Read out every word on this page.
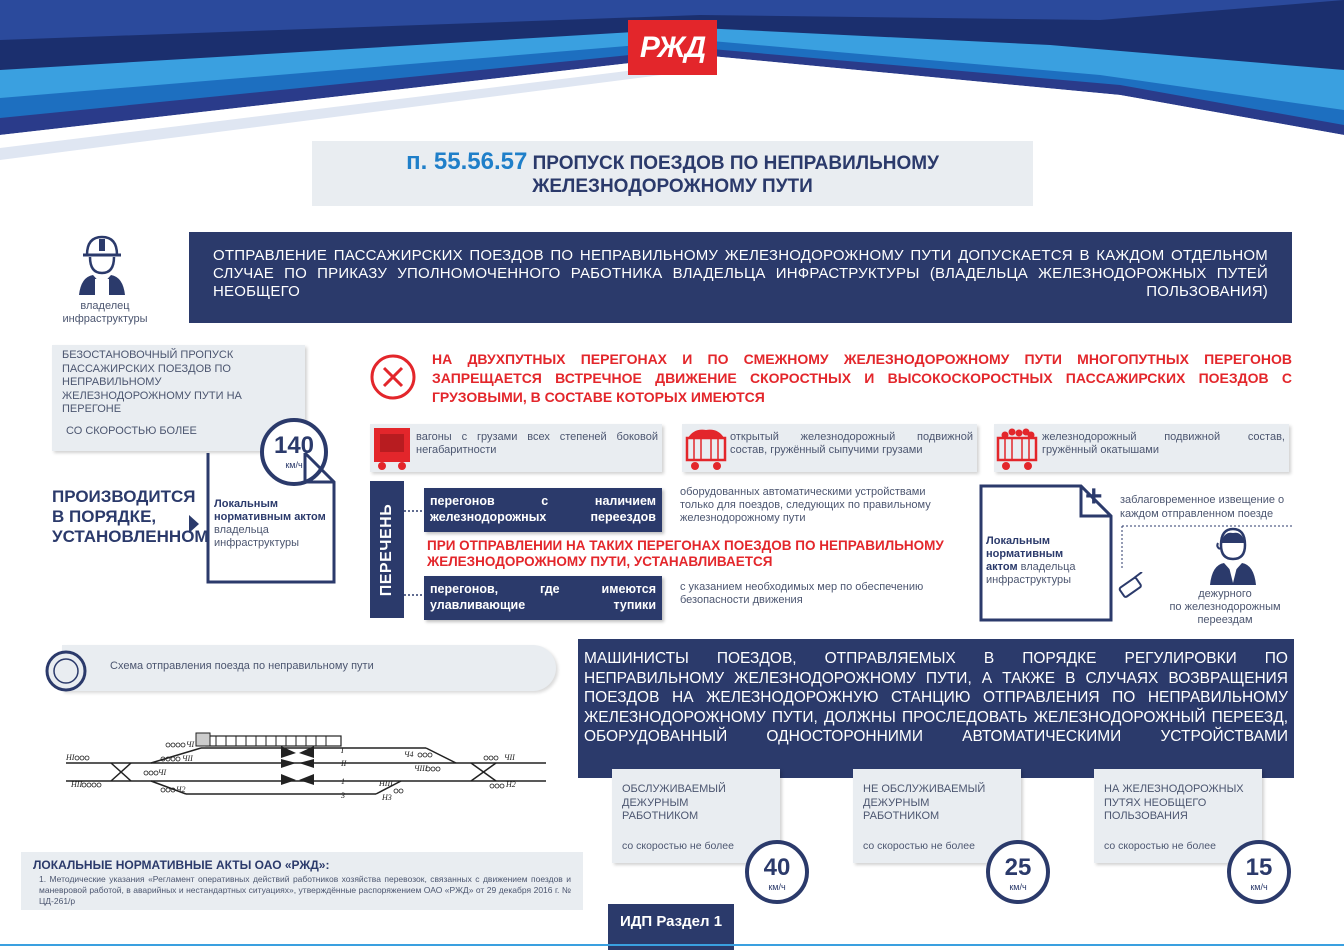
РЖД
п. 55.56.57 ПРОПУСК ПОЕЗДОВ ПО НЕПРАВИЛЬНОМУ
ЖЕЛЕЗНОДОРОЖНОМУ ПУТИ
владелец
инфраструктуры
ОТПРАВЛЕНИЕ ПАССАЖИРСКИХ ПОЕЗДОВ ПО НЕПРАВИЛЬНОМУ ЖЕЛЕЗНОДОРОЖНОМУ ПУТИ ДОПУСКАЕТСЯ В КАЖДОМ ОТДЕЛЬНОМ СЛУЧАЕ ПО ПРИКАЗУ УПОЛНОМОЧЕННОГО РАБОТНИКА ВЛАДЕЛЬЦА ИНФРАСТРУКТУРЫ (ВЛАДЕЛЬЦА ЖЕЛЕЗНОДОРОЖНЫХ ПУТЕЙ НЕОБЩЕГО ПОЛЬЗОВАНИЯ)
БЕЗОСТАНОВОЧНЫЙ ПРОПУСК ПАССАЖИРСКИХ ПОЕЗДОВ ПО НЕПРАВИЛЬНОМУ ЖЕЛЕЗНОДОРОЖНОМУ ПУТИ НА ПЕРЕГОНЕ
СО СКОРОСТЬЮ БОЛЕЕ
140
км/ч
Локальным нормативным актом владельца инфраструктуры
ПРОИЗВОДИТСЯ
В ПОРЯДКЕ,
УСТАНОВЛЕННОМ
НА ДВУХПУТНЫХ ПЕРЕГОНАХ И ПО СМЕЖНОМУ ЖЕЛЕЗНОДОРОЖНОМУ ПУТИ МНОГОПУТНЫХ ПЕРЕГОНОВ ЗАПРЕЩАЕТСЯ ВСТРЕЧНОЕ ДВИЖЕНИЕ СКОРОСТНЫХ И ВЫСОКОСКОРОСТНЫХ ПАССАЖИРСКИХ ПОЕЗДОВ С ГРУЗОВЫМИ, В СОСТАВЕ КОТОРЫХ ИМЕЮТСЯ
вагоны с грузами всех степеней боковой негабаритности
открытый железнодорожный подвижной состав, гружённый сыпучими грузами
железнодорожный подвижной состав, гружённый окатышами
ПЕРЕЧЕНЬ
перегонов с наличием железнодорожных переездов
оборудованных автоматическими устройствами только для поездов, следующих по правильному железнодорожному пути
ПРИ ОТПРАВЛЕНИИ НА ТАКИХ ПЕРЕГОНАХ ПОЕЗДОВ ПО НЕПРАВИЛЬНОМУ ЖЕЛЕЗНОДОРОЖНОМУ ПУТИ, УСТАНАВЛИВАЕТСЯ
перегонов, где имеются улавливающие тупики
с указанием необходимых мер по обеспечению безопасности движения
Локальным нормативным актом владельца инфраструктуры
+ заблаговременное извещение о каждом отправленном поезде
дежурного
по железнодорожным
переездам
Схема отправления поезда по неправильному пути
НI
НII
ЧI
ЧII
ЧI
Ч2
Ч4
ЧIII
НIII
Н3
ЧII
Н2
I
II
1
3
МАШИНИСТЫ ПОЕЗДОВ, ОТПРАВЛЯЕМЫХ В ПОРЯДКЕ РЕГУЛИРОВКИ ПО НЕПРАВИЛЬНОМУ ЖЕЛЕЗНОДОРОЖНОМУ ПУТИ, А ТАКЖЕ В СЛУЧАЯХ ВОЗВРАЩЕНИЯ ПОЕЗДОВ НА ЖЕЛЕЗНОДОРОЖНУЮ СТАНЦИЮ ОТПРАВЛЕНИЯ ПО НЕПРАВИЛЬНОМУ ЖЕЛЕЗНОДОРОЖНОМУ ПУТИ, ДОЛЖНЫ ПРОСЛЕДОВАТЬ ЖЕЛЕЗНОДОРОЖНЫЙ ПЕРЕЕЗД, ОБОРУДОВАННЫЙ ОДНОСТОРОННИМИ АВТОМАТИЧЕСКИМИ УСТРОЙСТВАМИ
ОБСЛУЖИВАЕМЫЙ ДЕЖУРНЫМ РАБОТНИКОМ
со скоростью не более
40
км/ч
НЕ ОБСЛУЖИВАЕМЫЙ ДЕЖУРНЫМ РАБОТНИКОМ
со скоростью не более
25
км/ч
НА ЖЕЛЕЗНОДОРОЖНЫХ ПУТЯХ НЕОБЩЕГО ПОЛЬЗОВАНИЯ
со скоростью не более
15
км/ч
ЛОКАЛЬНЫЕ НОРМАТИВНЫЕ АКТЫ ОАО «РЖД»:
1. Методические указания «Регламент оперативных действий работников хозяйства перевозок, связанных с движением поездов и маневровой работой, в аварийных и нестандартных ситуациях», утверждённые распоряжением ОАО «РЖД» от 29 декабря 2016 г. № ЦД-261/р
ИДП Раздел 1
